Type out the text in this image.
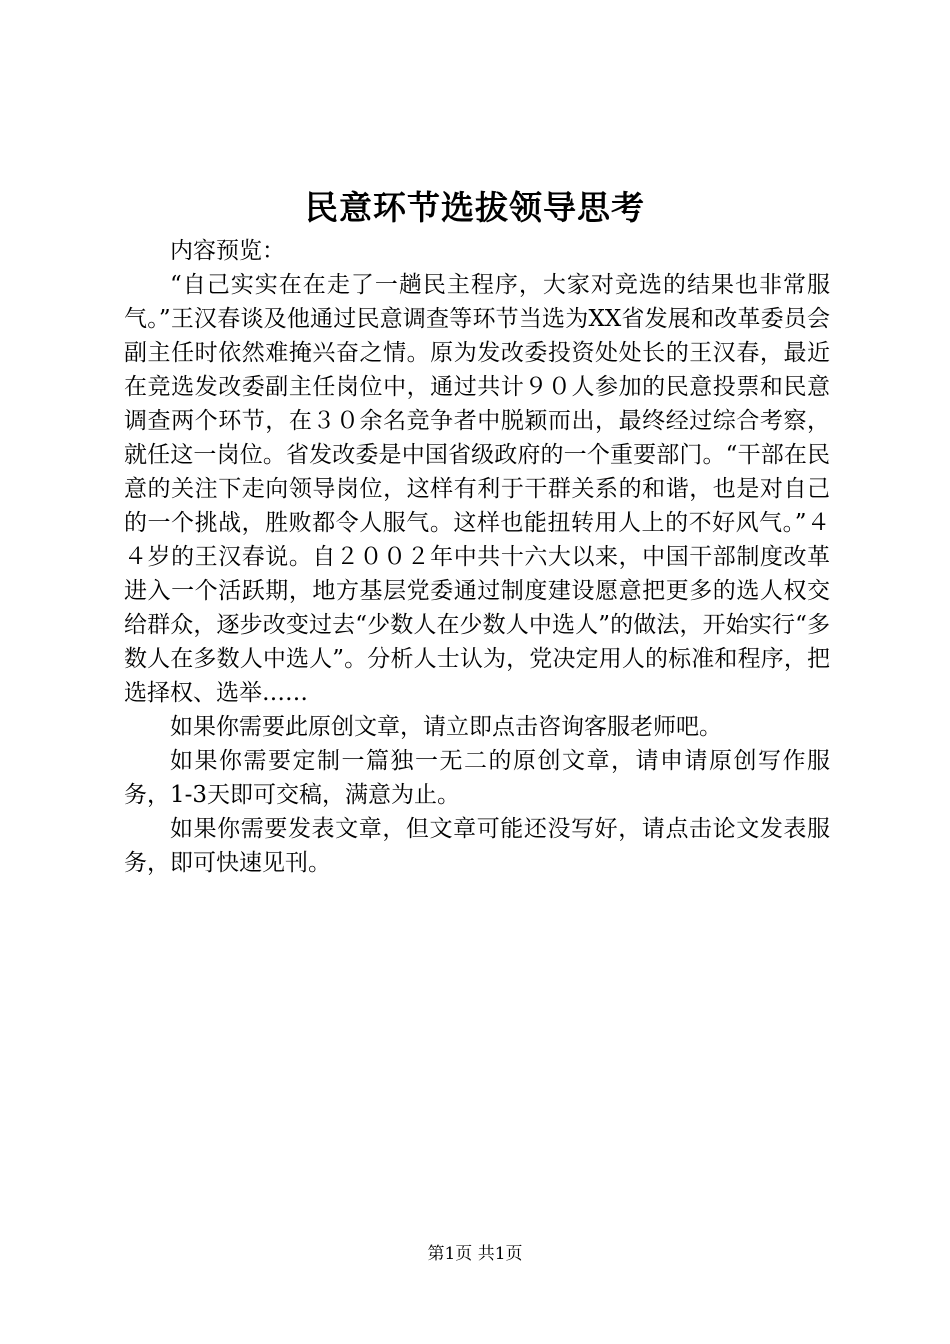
民意环节选拔领导思考

内容预览：

“自己实实在在走了一趟民主程序，大家对竞选的结果也非常服气。”王汉春谈及他通过民意调查等环节当选为XX省发展和改革委员会副主任时依然难掩兴奋之情。原为发改委投资处处长的王汉春，最近在竞选发改委副主任岗位中，通过共计９０人参加的民意投票和民意调查两个环节，在３０余名竞争者中脱颖而出，最终经过综合考察，就任这一岗位。省发改委是中国省级政府的一个重要部门。“干部在民意的关注下走向领导岗位，这样有利于干群关系的和谐，也是对自己的一个挑战，胜败都令人服气。这样也能扭转用人上的不好风气。”４４岁的王汉春说。自２００２年中共十六大以来，中国干部制度改革进入一个活跃期，地方基层党委通过制度建设愿意把更多的选人权交给群众，逐步改变过去“少数人在少数人中选人”的做法，开始实行“多数人在多数人中选人”。分析人士认为，党决定用人的标准和程序，把选择权、选举……

如果你需要此原创文章，请立即点击咨询客服老师吧。

如果你需要定制一篇独一无二的原创文章，请申请原创写作服务，1-3天即可交稿，满意为止。

如果你需要发表文章，但文章可能还没写好，请点击论文发表服务，即可快速见刊。

第1页 共1页
